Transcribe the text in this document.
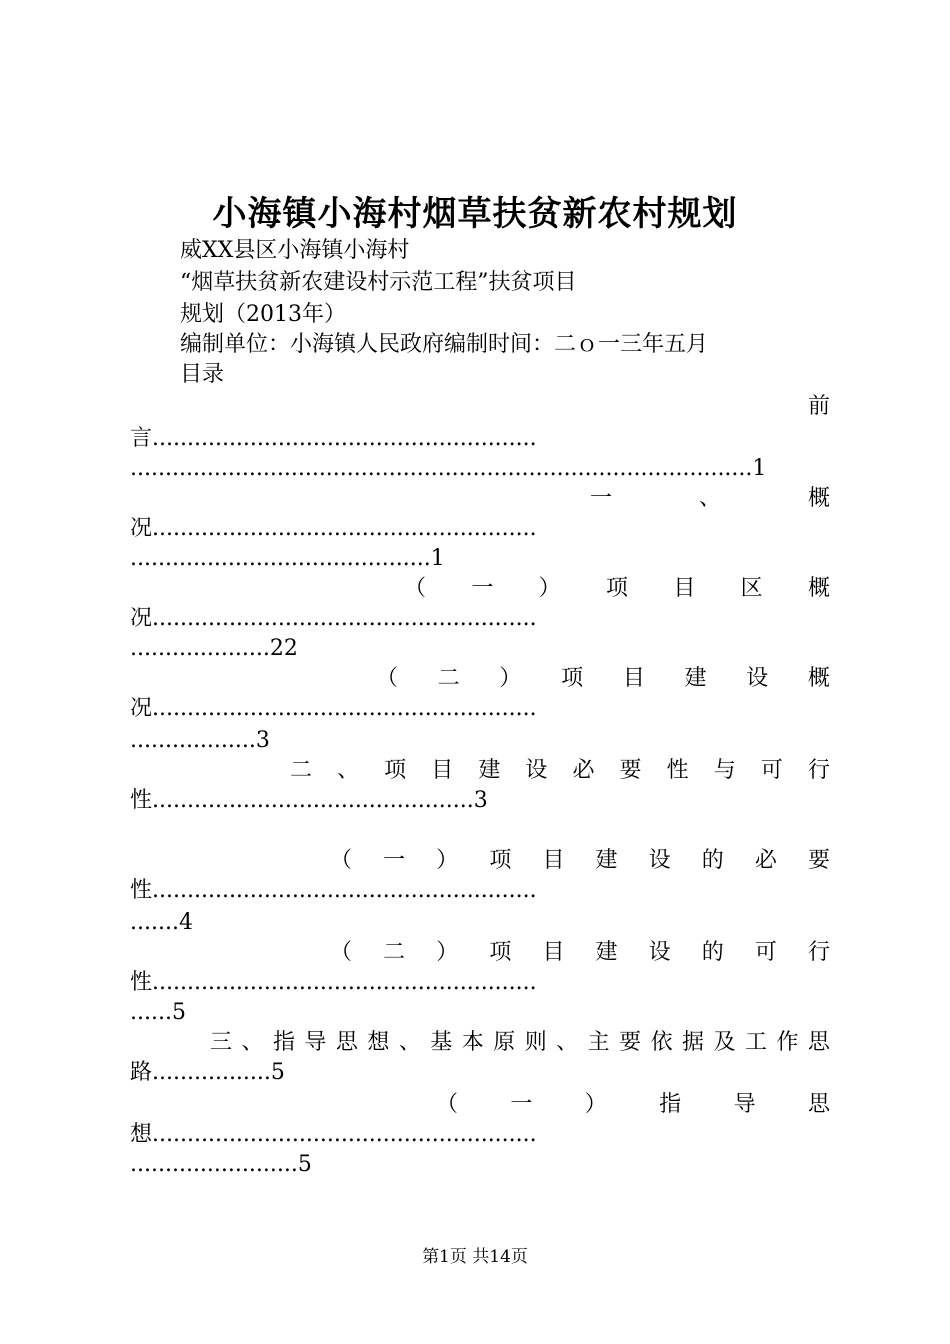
小海镇小海村烟草扶贫新农村规划
威XX县区小海镇小海村
“烟草扶贫新农建设村示范工程”扶贫项目
规划（2013年）
编制单位：小海镇人民政府编制时间：二ｏ一三年五月
目录
前
言.......................................................
.........................................................................................1
一	、	概
况.......................................................
...........................................1
（ 一 ） 项 目 区 概
况.......................................................
....................22
（ 二 ） 项 目 建 设 概
况.......................................................
..................3
二 、 项 目 建 设 必 要 性 与 可 行
性..............................................3
（ 一 ） 项 目 建 设 的 必 要
性.......................................................
.......4
（ 二 ） 项 目 建 设 的 可 行
性.......................................................
......5
三 、 指 导 思 想 、 基 本 原 则 、 主 要 依 据 及 工 作 思
路.................5
（ 一 ） 指 导 思
想.......................................................
........................5
第1页 共14页
